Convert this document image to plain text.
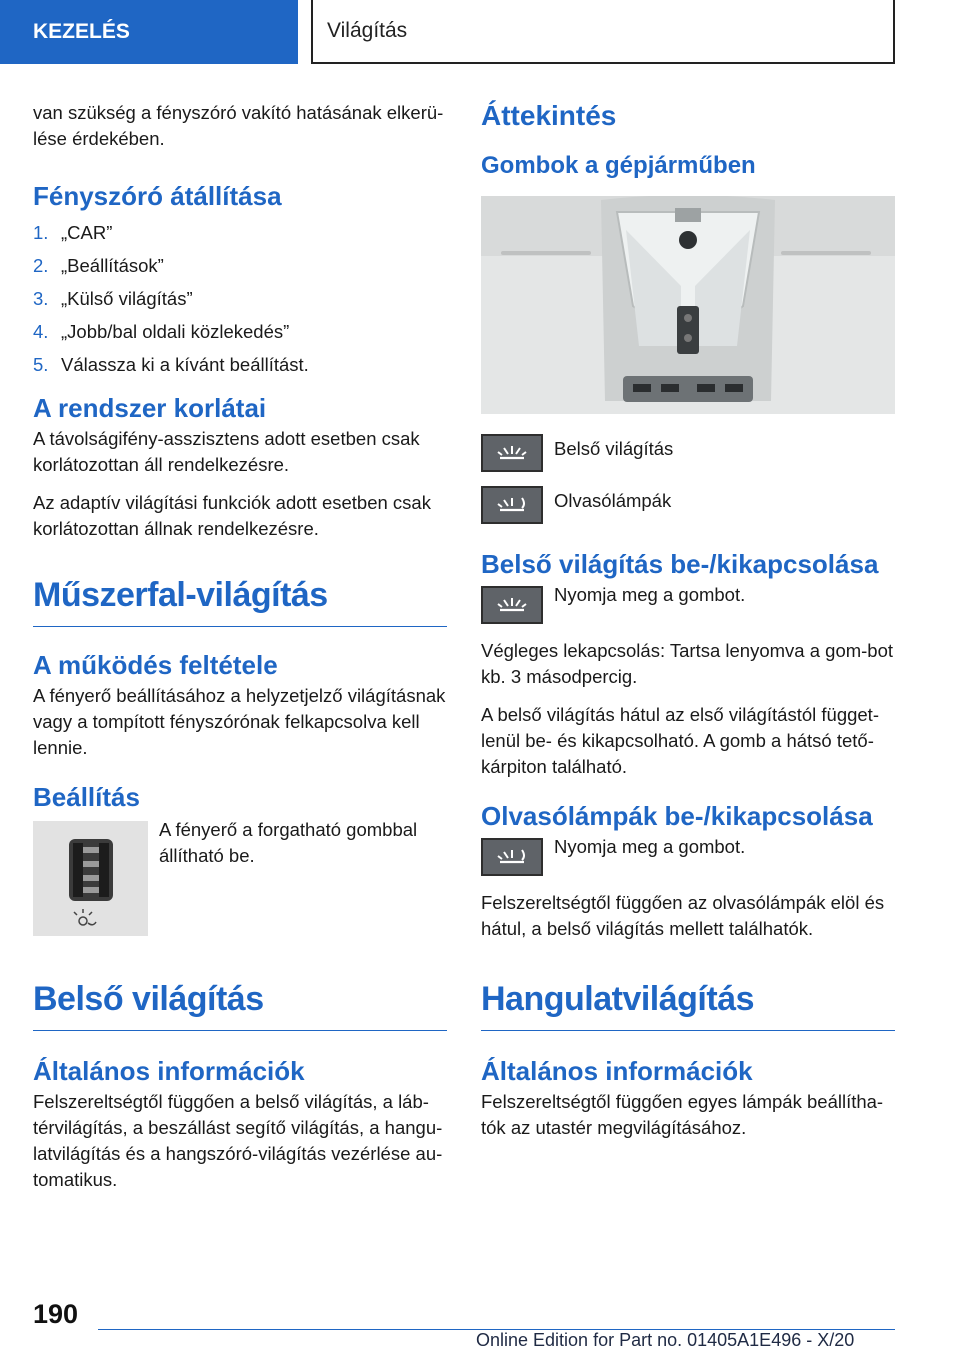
KEZELÉS	Világítás

van szükség a fényszóró vakító hatásának elkerü-lése érdekében.

Fényszóró átállítása
1. „CAR”
2. „Beállítások”
3. „Külső világítás”
4. „Jobb/bal oldali közlekedés”
5. Válassza ki a kívánt beállítást.
A rendszer korlátai

A távolságifény-asszisztens adott esetben csak korlátozottan áll rendelkezésre.

Az adaptív világítási funkciók adott esetben csak korlátozottan állnak rendelkezésre.

Műszerfal-világítás
A működés feltétele

A fényerő beállításához a helyzetjelző világításnak vagy a tompított fényszórónak felkapcsolva kell lennie.

Beállítás
A fényerő a forgatható gombbal állítható be.
Belső világítás
Általános információk

Felszereltségtől függően a belső világítás, a láb-térvilágítás, a beszállást segítő világítás, a hangu-latvilágítás és a hangszóró-világítás vezérlése au-tomatikus.

Áttekintés
Gombok a gépjárműben
Belső világítás
Olvasólámpák
Belső világítás be-/kikapcsolása
Nyomja meg a gombot.

Végleges lekapcsolás: Tartsa lenyomva a gom-bot kb. 3 másodpercig.

A belső világítás hátul az első világítástól függet-lenül be- és kikapcsolható. A gomb a hátsó tető-kárpiton található.

Olvasólámpák be-/kikapcsolása
Nyomja meg a gombot.

Felszereltségtől függően az olvasólámpák elöl és hátul, a belső világítás mellett találhatók.

Hangulatvilágítás
Általános információk

Felszereltségtől függően egyes lámpák beállítha-tók az utastér megvilágításához.

190
Online Edition for Part no. 01405A1E496 - X/20
